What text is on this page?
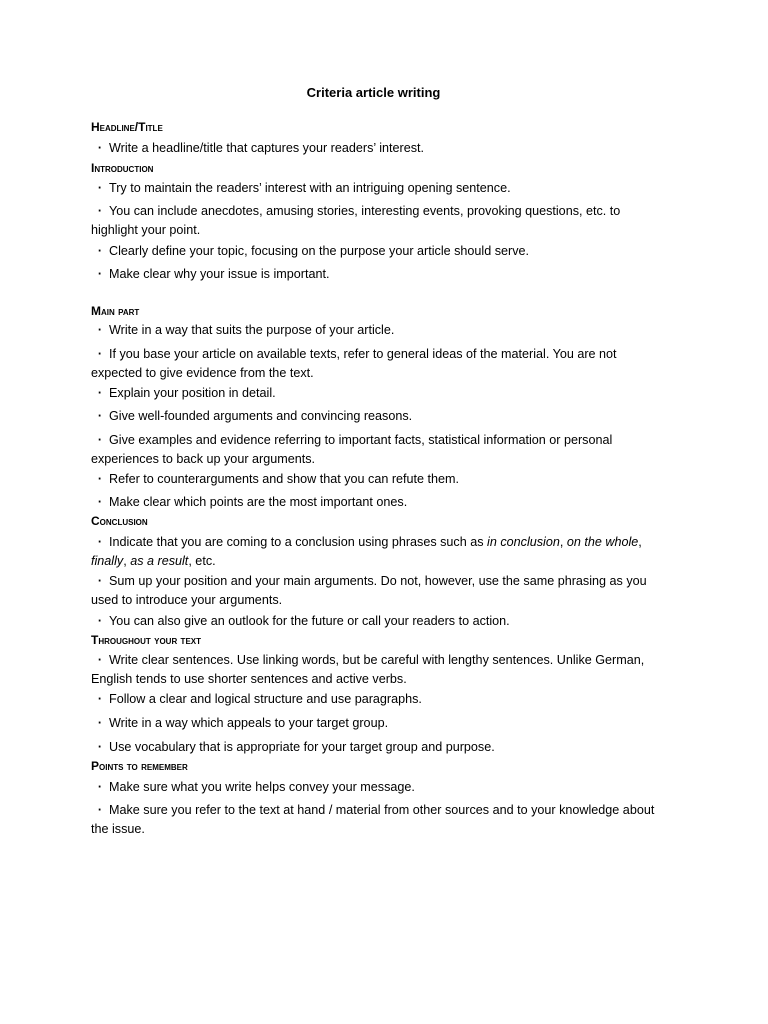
Criteria article writing
Headline/Title
· Write a headline/title that captures your readers’ interest.
Introduction
· Try to maintain the readers’ interest with an intriguing opening sentence.
· You can include anecdotes, amusing stories, interesting events, provoking questions, etc. to highlight your point.
· Clearly define your topic, focusing on the purpose your article should serve.
· Make clear why your issue is important.
Main part
· Write in a way that suits the purpose of your article.
· If you base your article on available texts, refer to general ideas of the material. You are not expected to give evidence from the text.
· Explain your position in detail.
· Give well-founded arguments and convincing reasons.
· Give examples and evidence referring to important facts, statistical information or personal experiences to back up your arguments.
· Refer to counterarguments and show that you can refute them.
· Make clear which points are the most important ones.
Conclusion
· Indicate that you are coming to a conclusion using phrases such as in conclusion, on the whole, finally, as a result, etc.
· Sum up your position and your main arguments. Do not, however, use the same phrasing as you used to introduce your arguments.
· You can also give an outlook for the future or call your readers to action.
Throughout your text
· Write clear sentences. Use linking words, but be careful with lengthy sentences. Unlike German, English tends to use shorter sentences and active verbs.
· Follow a clear and logical structure and use paragraphs.
· Write in a way which appeals to your target group.
· Use vocabulary that is appropriate for your target group and purpose.
Points to remember
· Make sure what you write helps convey your message.
· Make sure you refer to the text at hand / material from other sources and to your knowledge about the issue.
